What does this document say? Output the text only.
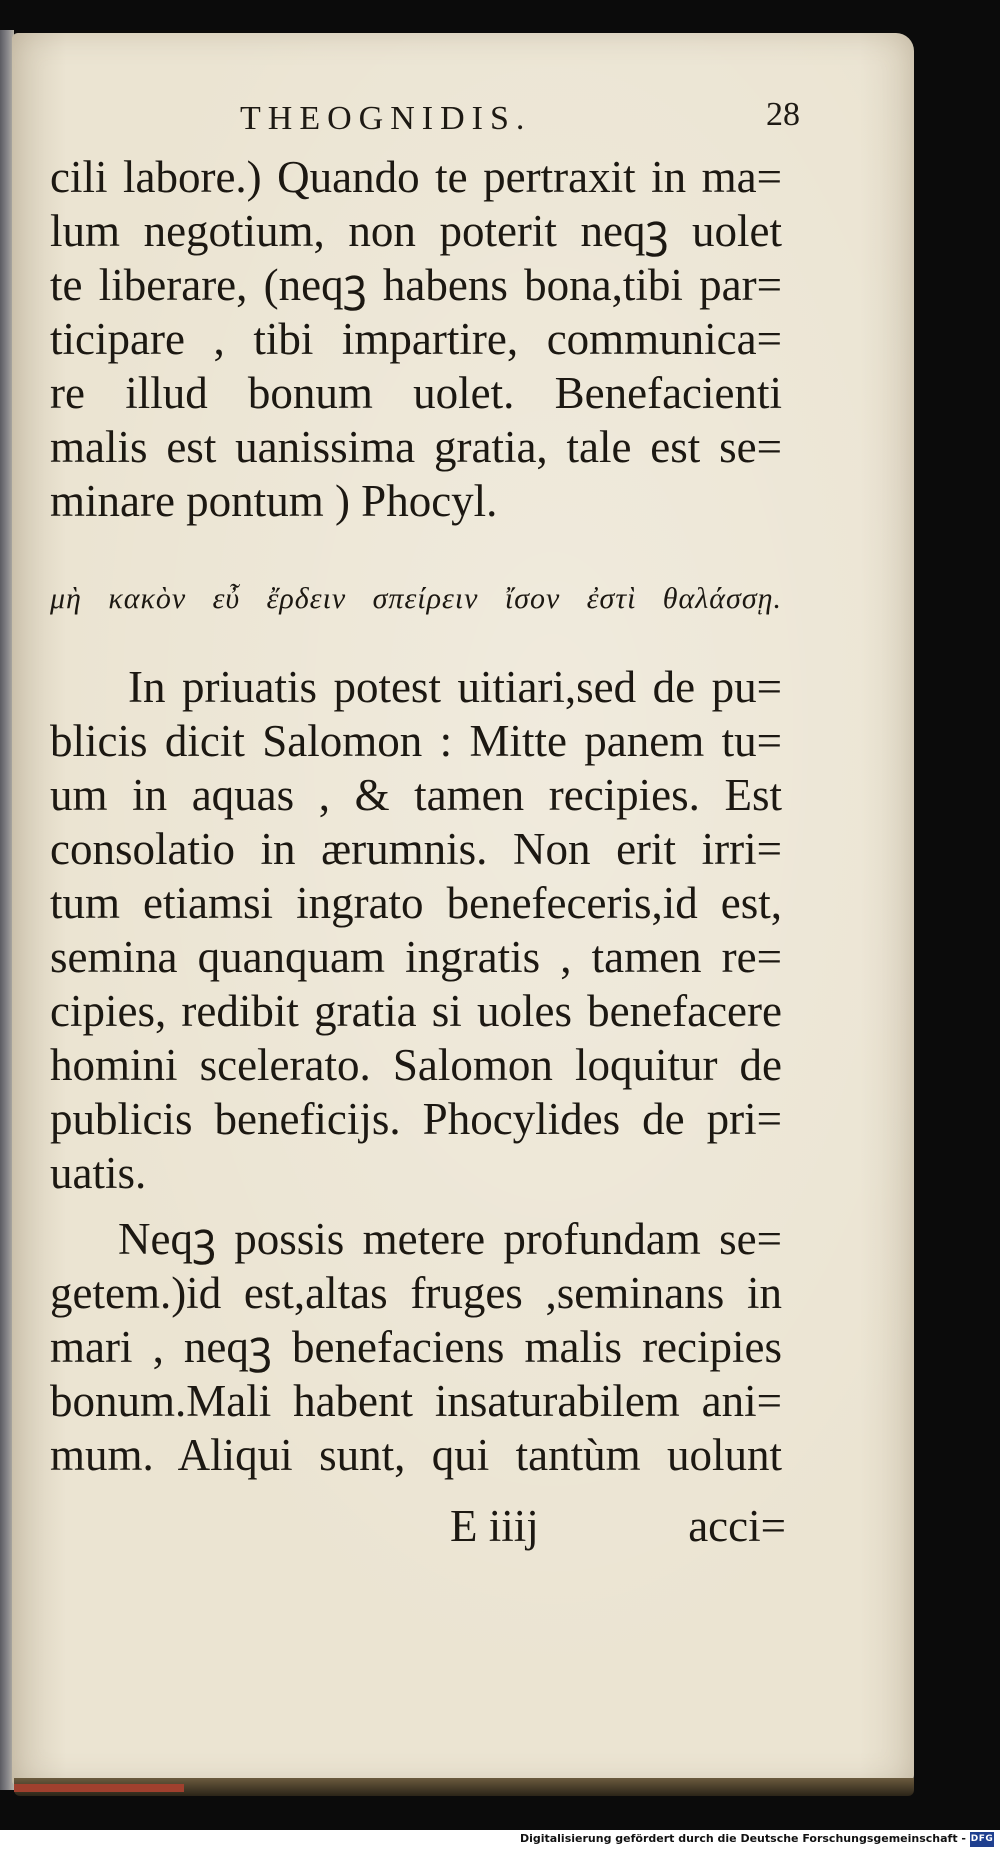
THEOGNIDIS.	28
cili labore.) Quando te pertraxit in ma=
lum negotium, non poterit neqꝫ uolet
te liberare, (neqꝫ habens bona,tibi par=
ticipare , tibi impartire, communica=
re illud bonum uolet. Benefacienti
malis est uanissima gratia, tale est se=
minare pontum ) Phocyl.
μὴ κακὸν εὖ ἔρδειν σπείρειν ἴσον ἐστὶ θαλάσσῃ.
In priuatis potest uitiari,sed de pu=
blicis dicit Salomon : Mitte panem tu=
um in aquas , & tamen recipies. Est
consolatio in ærumnis. Non erit irri=
tum etiamsi ingrato benefeceris,id est,
semina quanquam ingratis , tamen re=
cipies, redibit gratia si uoles benefacere
homini scelerato. Salomon loquitur de
publicis beneficijs. Phocylides de pri=
uatis.
Neqꝫ possis metere profundam se=
getem.)id est,altas fruges ,seminans in
mari , neqꝫ benefaciens malis recipies
bonum.Mali habent insaturabilem ani=
mum. Aliqui sunt, qui tantùm uolunt
E iiij	acci=
Digitalisierung gefördert durch die Deutsche Forschungsgemeinschaft - DFG
